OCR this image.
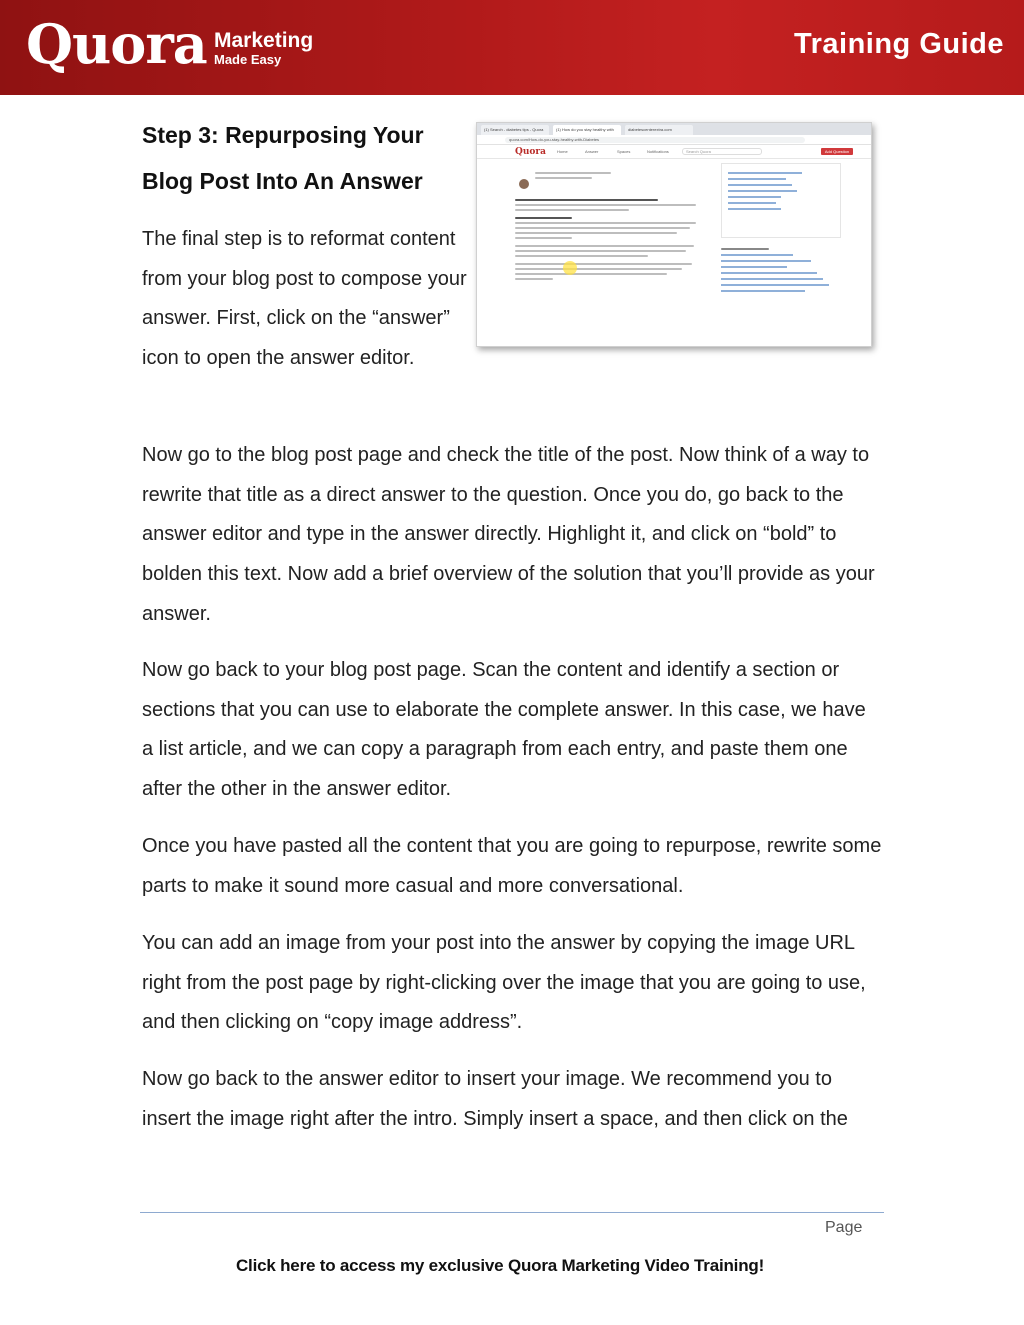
Quora Marketing
Made Easy	Training Guide
Step 3: Repurposing Your
Blog Post Into An Answer
The final step is to reformat content from your blog post to compose your answer. First, click on the “answer” icon to open the answer editor.
(1) Search - diabetes tips - Quora	(1) How do you stay healthy with	diabetescenterextra.com
quora.com/How-do-you-stay-healthy-with-Diabetes
Quora	Home	Answer	Spaces	Notifications	Search Quora	Add Question

Now go to the blog post page and check the title of the post. Now think of a way to rewrite that title as a direct answer to the question. Once you do, go back to the answer editor and type in the answer directly. Highlight it, and click on “bold” to bolden this text. Now add a brief overview of the solution that you’ll provide as your answer.

Now go back to your blog post page. Scan the content and identify a section or sections that you can use to elaborate the complete answer. In this case, we have a list article, and we can copy a paragraph from each entry, and paste them one after the other in the answer editor.

Once you have pasted all the content that you are going to repurpose, rewrite some parts to make it sound more casual and more conversational.

You can add an image from your post into the answer by copying the image URL right from the post page by right-clicking over the image that you are going to use, and then clicking on “copy image address”.

Now go back to the answer editor to insert your image. We recommend you to insert the image right after the intro. Simply insert a space, and then click on the

Page
Click here to access my exclusive Quora Marketing Video Training!
